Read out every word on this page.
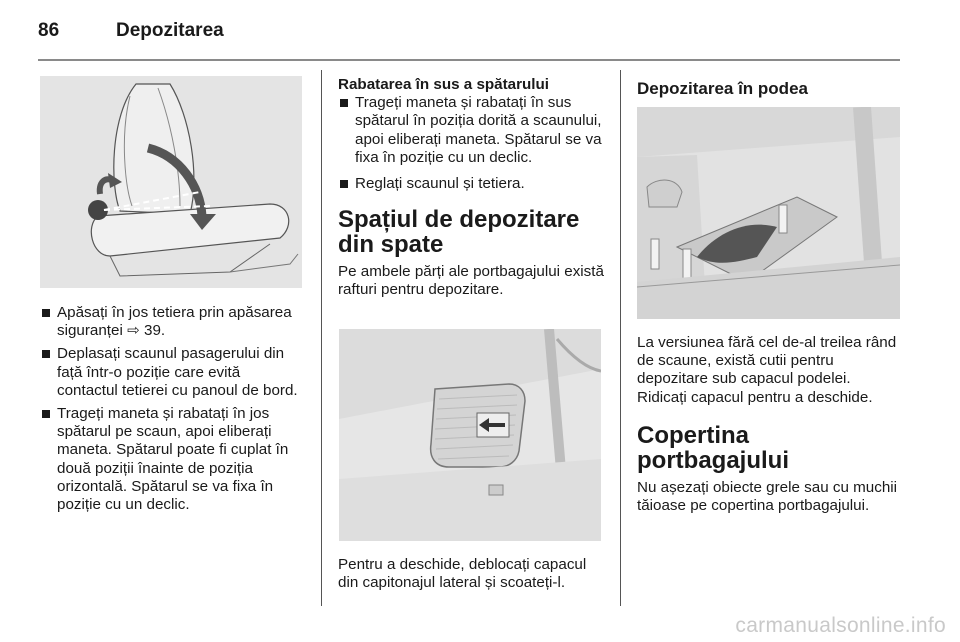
86	Depozitarea

Apăsați în jos tetiera prin apăsarea siguranței ⇨ 39.

Deplasați scaunul pasagerului din față într-o poziție care evită contactul tetierei cu panoul de bord.

Trageți maneta și rabatați în jos spătarul pe scaun, apoi eliberați maneta. Spătarul poate fi cuplat în două poziții înainte de poziția orizontală. Spătarul se va fixa în poziție cu un declic.

Rabatarea în sus a spătarului

Trageți maneta și rabatați în sus spătarul în poziția dorită a scaunului, apoi eliberați maneta. Spătarul se va fixa în poziție cu un declic.

Reglați scaunul și tetiera.

Spațiul de depozitare din spate

Pe ambele părți ale portbagajului există rafturi pentru depozitare.

Pentru a deschide, deblocați capacul din capitonajul lateral și scoateți-l.

Depozitarea în podea

La versiunea fără cel de-al treilea rând de scaune, există cutii pentru depozitare sub capacul podelei. Ridicați capacul pentru a deschide.

Copertina portbagajului

Nu așezați obiecte grele sau cu muchii tăioase pe copertina portbagajului.

carmanualsonline.info
